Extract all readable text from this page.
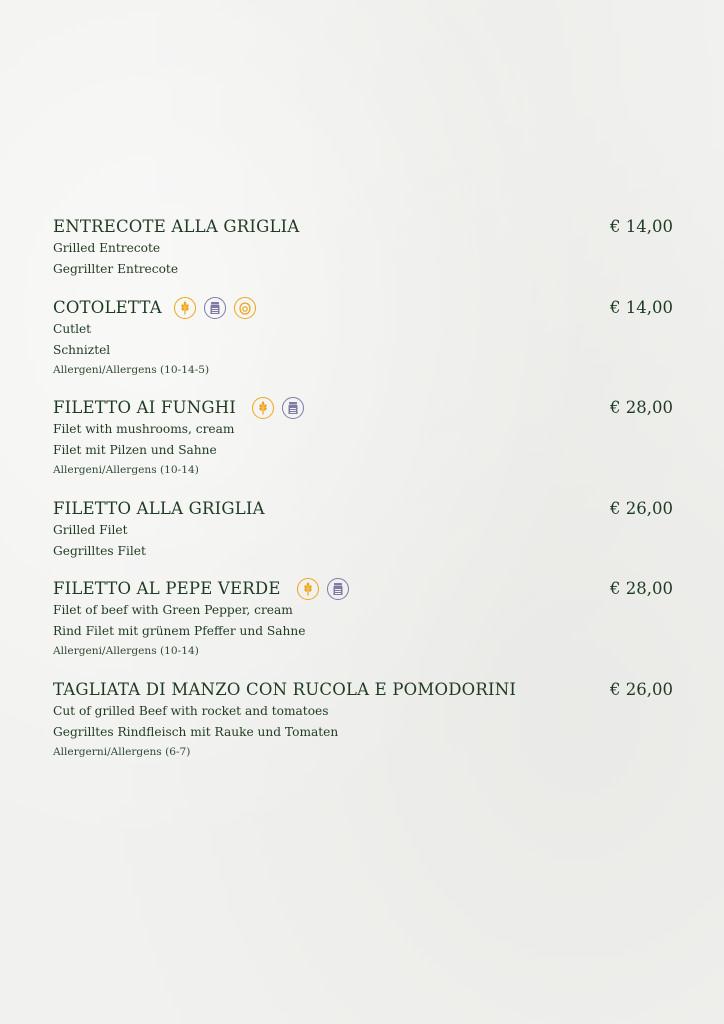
ENTRECOTE ALLA GRIGLIA	€ 14,00
Grilled Entrecote
Gegrillter Entrecote
COTOLETTA	€ 14,00
Cutlet
Schniztel
Allergeni/Allergens (10-14-5)
FILETTO AI FUNGHI	€ 28,00
Filet with mushrooms, cream
Filet mit Pilzen und Sahne
Allergeni/Allergens (10-14)
FILETTO ALLA GRIGLIA	€ 26,00
Grilled Filet
Gegrilltes Filet
FILETTO AL PEPE VERDE	€ 28,00
Filet of beef with Green Pepper, cream
Rind Filet mit grünem Pfeffer und Sahne
Allergeni/Allergens (10-14)
TAGLIATA DI MANZO CON RUCOLA E POMODORINI	€ 26,00
Cut of grilled Beef with rocket and tomatoes
Gegrilltes Rindfleisch mit Rauke und Tomaten
Allergerni/Allergens (6-7)
